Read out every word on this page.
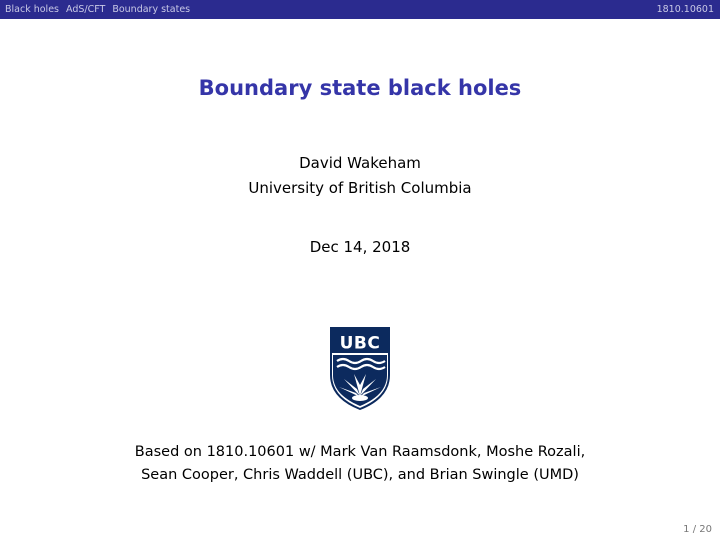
Black holes AdS/CFT Boundary states	1810.10601
Boundary state black holes
David Wakeham
University of British Columbia
Dec 14, 2018
UBC
Based on 1810.10601 w/ Mark Van Raamsdonk, Moshe Rozali,
Sean Cooper, Chris Waddell (UBC), and Brian Swingle (UMD)
1 / 20
